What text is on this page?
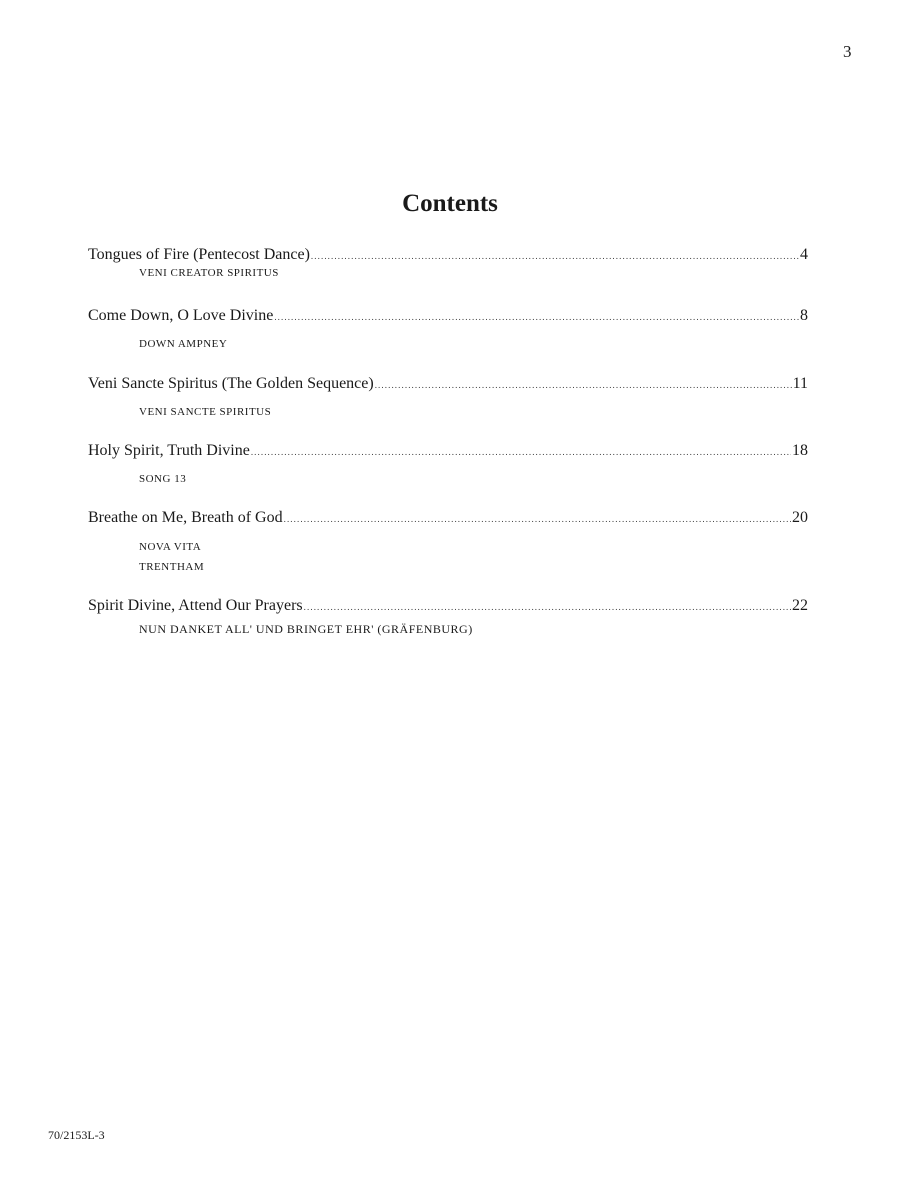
3
Contents
Tongues of Fire (Pentecost Dance) .....	4
VENI CREATOR SPIRITUS
Come Down, O Love Divine .....	8
DOWN AMPNEY
Veni Sancte Spiritus (The Golden Sequence) .....	11
VENI SANCTE SPIRITUS
Holy Spirit, Truth Divine .....	18
SONG 13
Breathe on Me, Breath of God .....	20
NOVA VITA
TRENTHAM
Spirit Divine, Attend Our Prayers .....	22
NUN DANKET ALL' UND BRINGET EHR' (GRÄFENBURG)
70/2153L-3
